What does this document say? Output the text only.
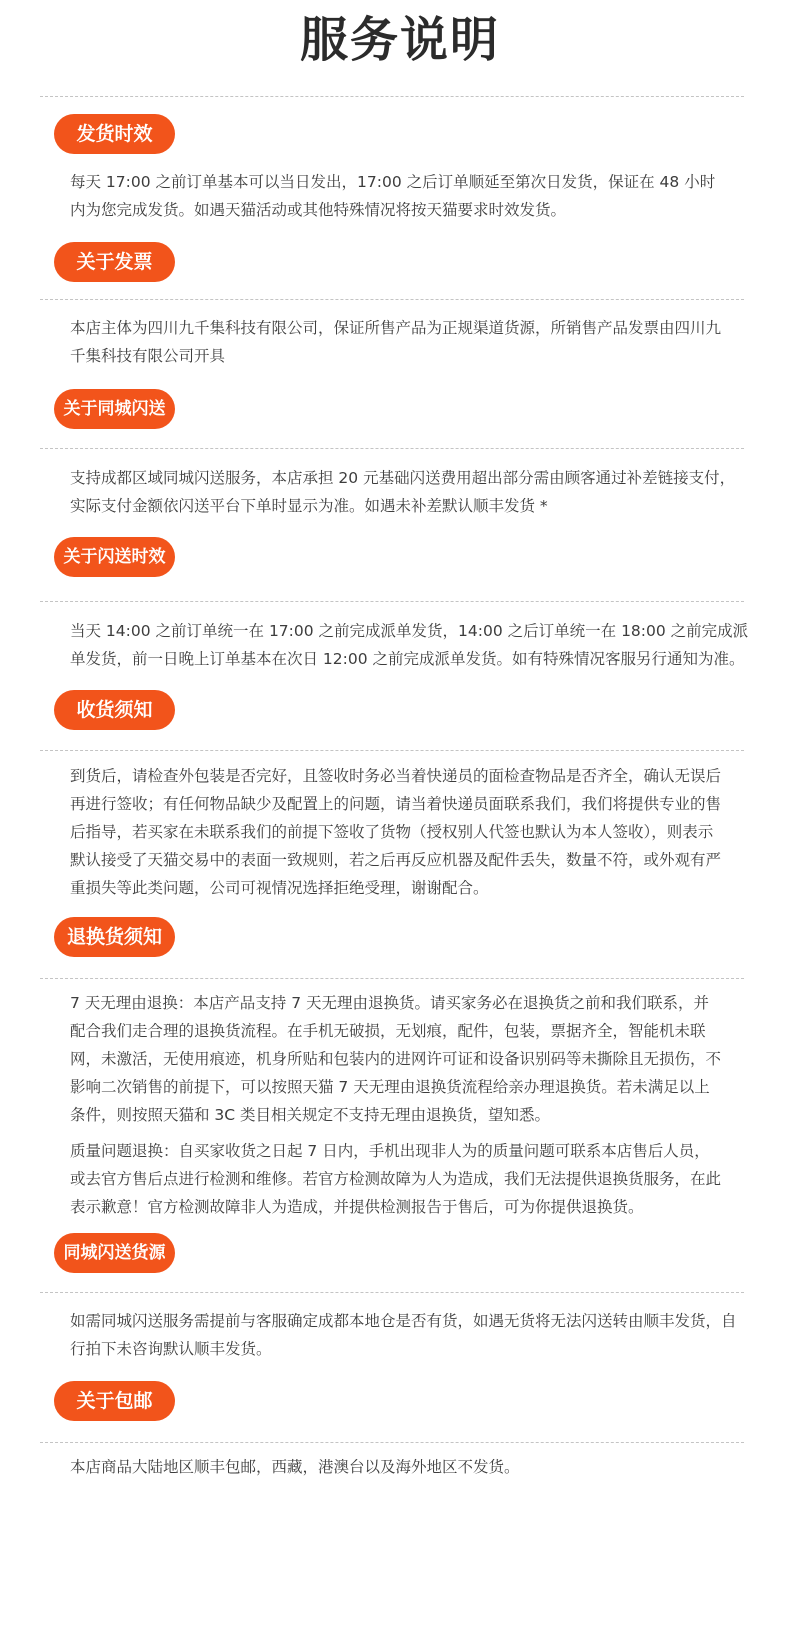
服务说明
发货时效

每天 17:00 之前订单基本可以当日发出，17:00 之后订单顺延至第次日发货，保证在 48 小时内为您完成发货。如遇天猫活动或其他特殊情况将按天猫要求时效发货。

关于发票

本店主体为四川九千集科技有限公司，保证所售产品为正规渠道货源，所销售产品发票由四川九千集科技有限公司开具

关于同城闪送

支持成都区域同城闪送服务，本店承担 20 元基础闪送费用超出部分需由顾客通过补差链接支付，实际支付金额依闪送平台下单时显示为准。如遇未补差默认顺丰发货 *

关于闪送时效

当天 14:00 之前订单统一在 17:00 之前完成派单发货，14:00 之后订单统一在 18:00 之前完成派单发货，前一日晚上订单基本在次日 12:00 之前完成派单发货。如有特殊情况客服另行通知为准。

收货须知

到货后，请检查外包装是否完好，且签收时务必当着快递员的面检查物品是否齐全，确认无误后再进行签收；有任何物品缺少及配置上的问题，请当着快递员面联系我们，我们将提供专业的售后指导，若买家在未联系我们的前提下签收了货物（授权别人代签也默认为本人签收），则表示默认接受了天猫交易中的表面一致规则，若之后再反应机器及配件丢失，数量不符，或外观有严重损失等此类问题，公司可视情况选择拒绝受理，谢谢配合。

退换货须知

7 天无理由退换：本店产品支持 7 天无理由退换货。请买家务必在退换货之前和我们联系，并配合我们走合理的退换货流程。在手机无破损，无划痕，配件，包装，票据齐全，智能机未联网，未激活，无使用痕迹，机身所贴和包装内的进网许可证和设备识别码等未撕除且无损伤，不影响二次销售的前提下，可以按照天猫 7 天无理由退换货流程给亲办理退换货。若未满足以上条件，则按照天猫和 3C 类目相关规定不支持无理由退换货，望知悉。

质量问题退换：自买家收货之日起 7 日内，手机出现非人为的质量问题可联系本店售后人员，或去官方售后点进行检测和维修。若官方检测故障为人为造成，我们无法提供退换货服务，在此表示歉意！官方检测故障非人为造成，并提供检测报告于售后，可为你提供退换货。

同城闪送货源

如需同城闪送服务需提前与客服确定成都本地仓是否有货，如遇无货将无法闪送转由顺丰发货，自行拍下未咨询默认顺丰发货。

关于包邮

本店商品大陆地区顺丰包邮，西藏，港澳台以及海外地区不发货。
